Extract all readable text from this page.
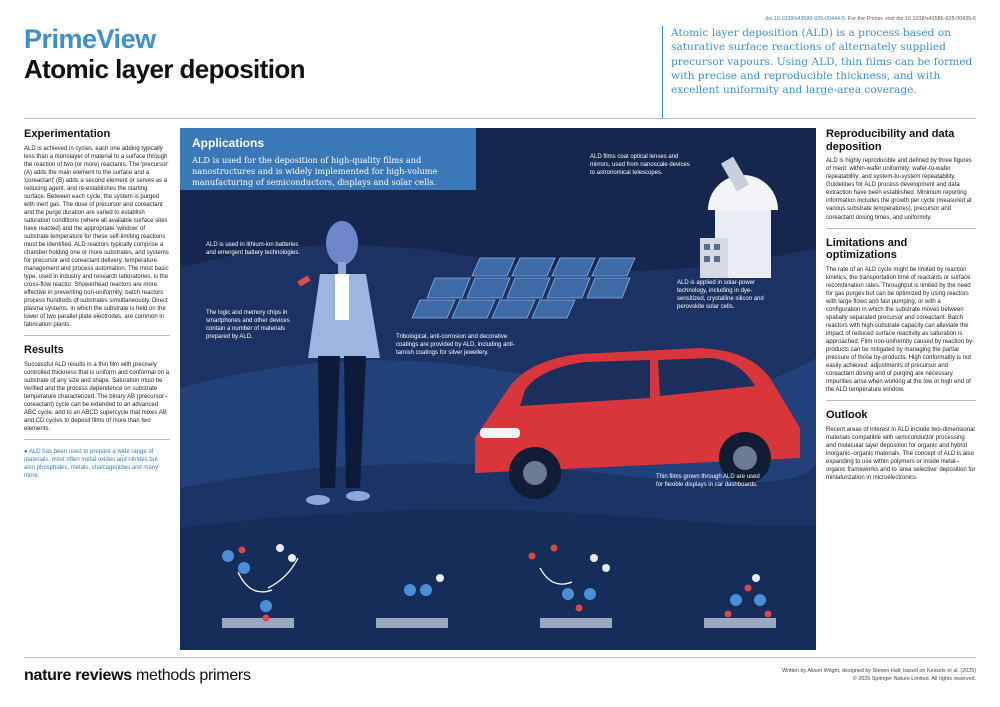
doi:10.1038/s43586-025-00444-5. For the Primer, visit doi:10.1038/s43586-025-00435-6
PrimeView
Atomic layer deposition
Atomic layer deposition (ALD) is a process based on saturative surface reactions of alternately supplied precursor vapours. Using ALD, thin films can be formed with precise and reproducible thickness, and with excellent uniformity and large-area coverage.
Experimentation

ALD is achieved in cycles, each one adding typically less than a monolayer of material to a surface through the reaction of two (or more) reactants. The 'precursor' (A) adds the main element to the surface and a 'coreactant' (B) adds a second element or serves as a reducing agent, and re-establishes the starting surface. Between each cycle, the system is purged with inert gas. The dose of precursor and coreactant and the purge duration are varied to establish saturation conditions (where all available surface sites have reacted) and the appropriate 'window' of substrate temperature for these self-limiting reactions must be identified. ALD reactors typically comprise a chamber holding one or more substrates, and systems for precursor and coreactant delivery, temperature management and process automation. The most basic type, used in industry and research laboratories, is the cross-flow reactor. Showerhead reactors are more effective in preventing non-uniformity; batch reactors process hundreds of substrates simultaneously. Direct plasma systems, in which the substrate is held on the lower of two parallel plate electrodes, are common in fabrication plants.

Results

Successful ALD results in a thin film with precisely controlled thickness that is uniform and conformal on a substrate of any size and shape. Saturation must be verified and the process dependence on substrate temperature characterized. The binary AB (precursor–coreactant) cycle can be extended to an advanced ABC cycle, and to an ABCD supercycle that mixes AB and CD cycles to deposit films of more than two elements.

● ALD has been used to prepare a wide range of materials, most often metal oxides and nitrides but also phosphides, metals, chalcogenides and many more.

Applications
ALD is used for the deposition of high-quality films and nanostructures and is widely implemented for high-volume manufacturing of semiconductors, displays and solar cells.
ALD films coat optical lenses and mirrors, used from nanoscale devices to astronomical telescopes.
ALD is used in lithium-ion batteries and emergent battery technologies.
The logic and memory chips in smartphones and other devices contain a number of materials prepared by ALD.	Tribological, anti-corrosion and decorative coatings are provided by ALD, including anti-tarnish coatings for silver jewellery.
ALD is applied in solar-power technology, including in dye-sensitized, crystalline silicon and perovskite solar cells.
Thin films grown through ALD are used for flexible displays in car dashboards.
Reproducibility and data deposition

ALD is highly reproducible and defined by three figures of merit: within-wafer uniformity; wafer-to-wafer repeatability; and system-to-system repeatability. Guidelines for ALD process development and data extraction have been established. Minimum reporting information includes the growth per cycle (measured at various substrate temperatures), precursor and coreactant dosing times, and uniformity.

Limitations and optimizations

The rate of an ALD cycle might be limited by reaction kinetics, the transportation time of reactants or surface recombination rates. Throughput is limited by the need for gas purges but can be optimized by using reactors with large flows and fast pumping, or with a configuration in which the substrate moves between spatially separated precursor and coreactant. Batch reactors with high-substrate capacity can alleviate the impact of reduced surface reactivity as saturation is approached. Film non-uniformity caused by reaction by-products can be mitigated by managing the partial pressure of those by-products. High conformality is not easily achieved: adjustments of precursor and coreactant dosing and of purging are necessary. Impurities arise when working at the low or high end of the ALD temperature window.

Outlook

Recent areas of interest in ALD include two-dimensional materials compatible with semiconductor processing and molecular layer deposition for organic and hybrid inorganic–organic materials. The concept of ALD is also expanding to use within polymers or inside metal–organic frameworks and to 'area selective' deposition for miniaturization in microelectronics.

nature reviews methods primers	Written by Alison Wright, designed by Steven Hall; based on Kessels et al. (2025)
© 2025 Springer Nature Limited. All rights reserved.
